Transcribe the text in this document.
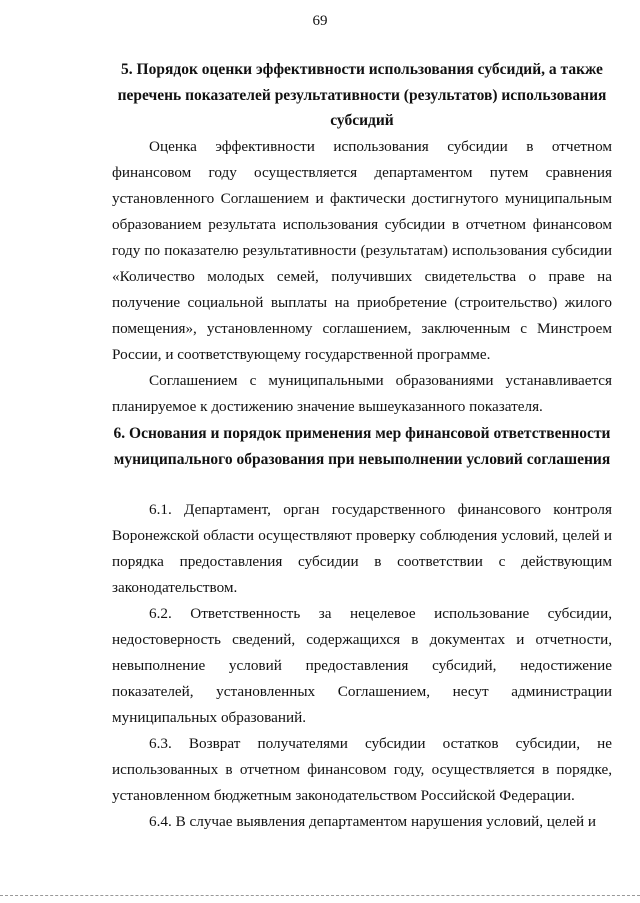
69
5. Порядок оценки эффективности использования субсидий, а также перечень показателей результативности (результатов) использования субсидий

Оценка эффективности использования субсидии в отчетном финансовом году осуществляется департаментом путем сравнения установленного Соглашением и фактически достигнутого муниципальным образованием результата использования субсидии в отчетном финансовом году по показателю результативности (результатам) использования субсидии «Количество молодых семей, получивших свидетельства о праве на получение социальной выплаты на приобретение (строительство) жилого помещения», установленному соглашением, заключенным с Минстроем России, и соответствующему государственной программе.

Соглашением с муниципальными образованиями устанавливается планируемое к достижению значение вышеуказанного показателя.

6. Основания и порядок применения мер финансовой ответственности муниципального образования при невыполнении условий соглашения

6.1. Департамент, орган государственного финансового контроля Воронежской области осуществляют проверку соблюдения условий, целей и порядка предоставления субсидии в соответствии с действующим законодательством.

6.2. Ответственность за нецелевое использование субсидии, недостоверность сведений, содержащихся в документах и отчетности, невыполнение условий предоставления субсидий, недостижение показателей, установленных Соглашением, несут администрации муниципальных образований.

6.3. Возврат получателями субсидии остатков субсидии, не использованных в отчетном финансовом году, осуществляется в порядке, установленном бюджетным законодательством Российской Федерации.

6.4. В случае выявления департаментом нарушения условий, целей и
